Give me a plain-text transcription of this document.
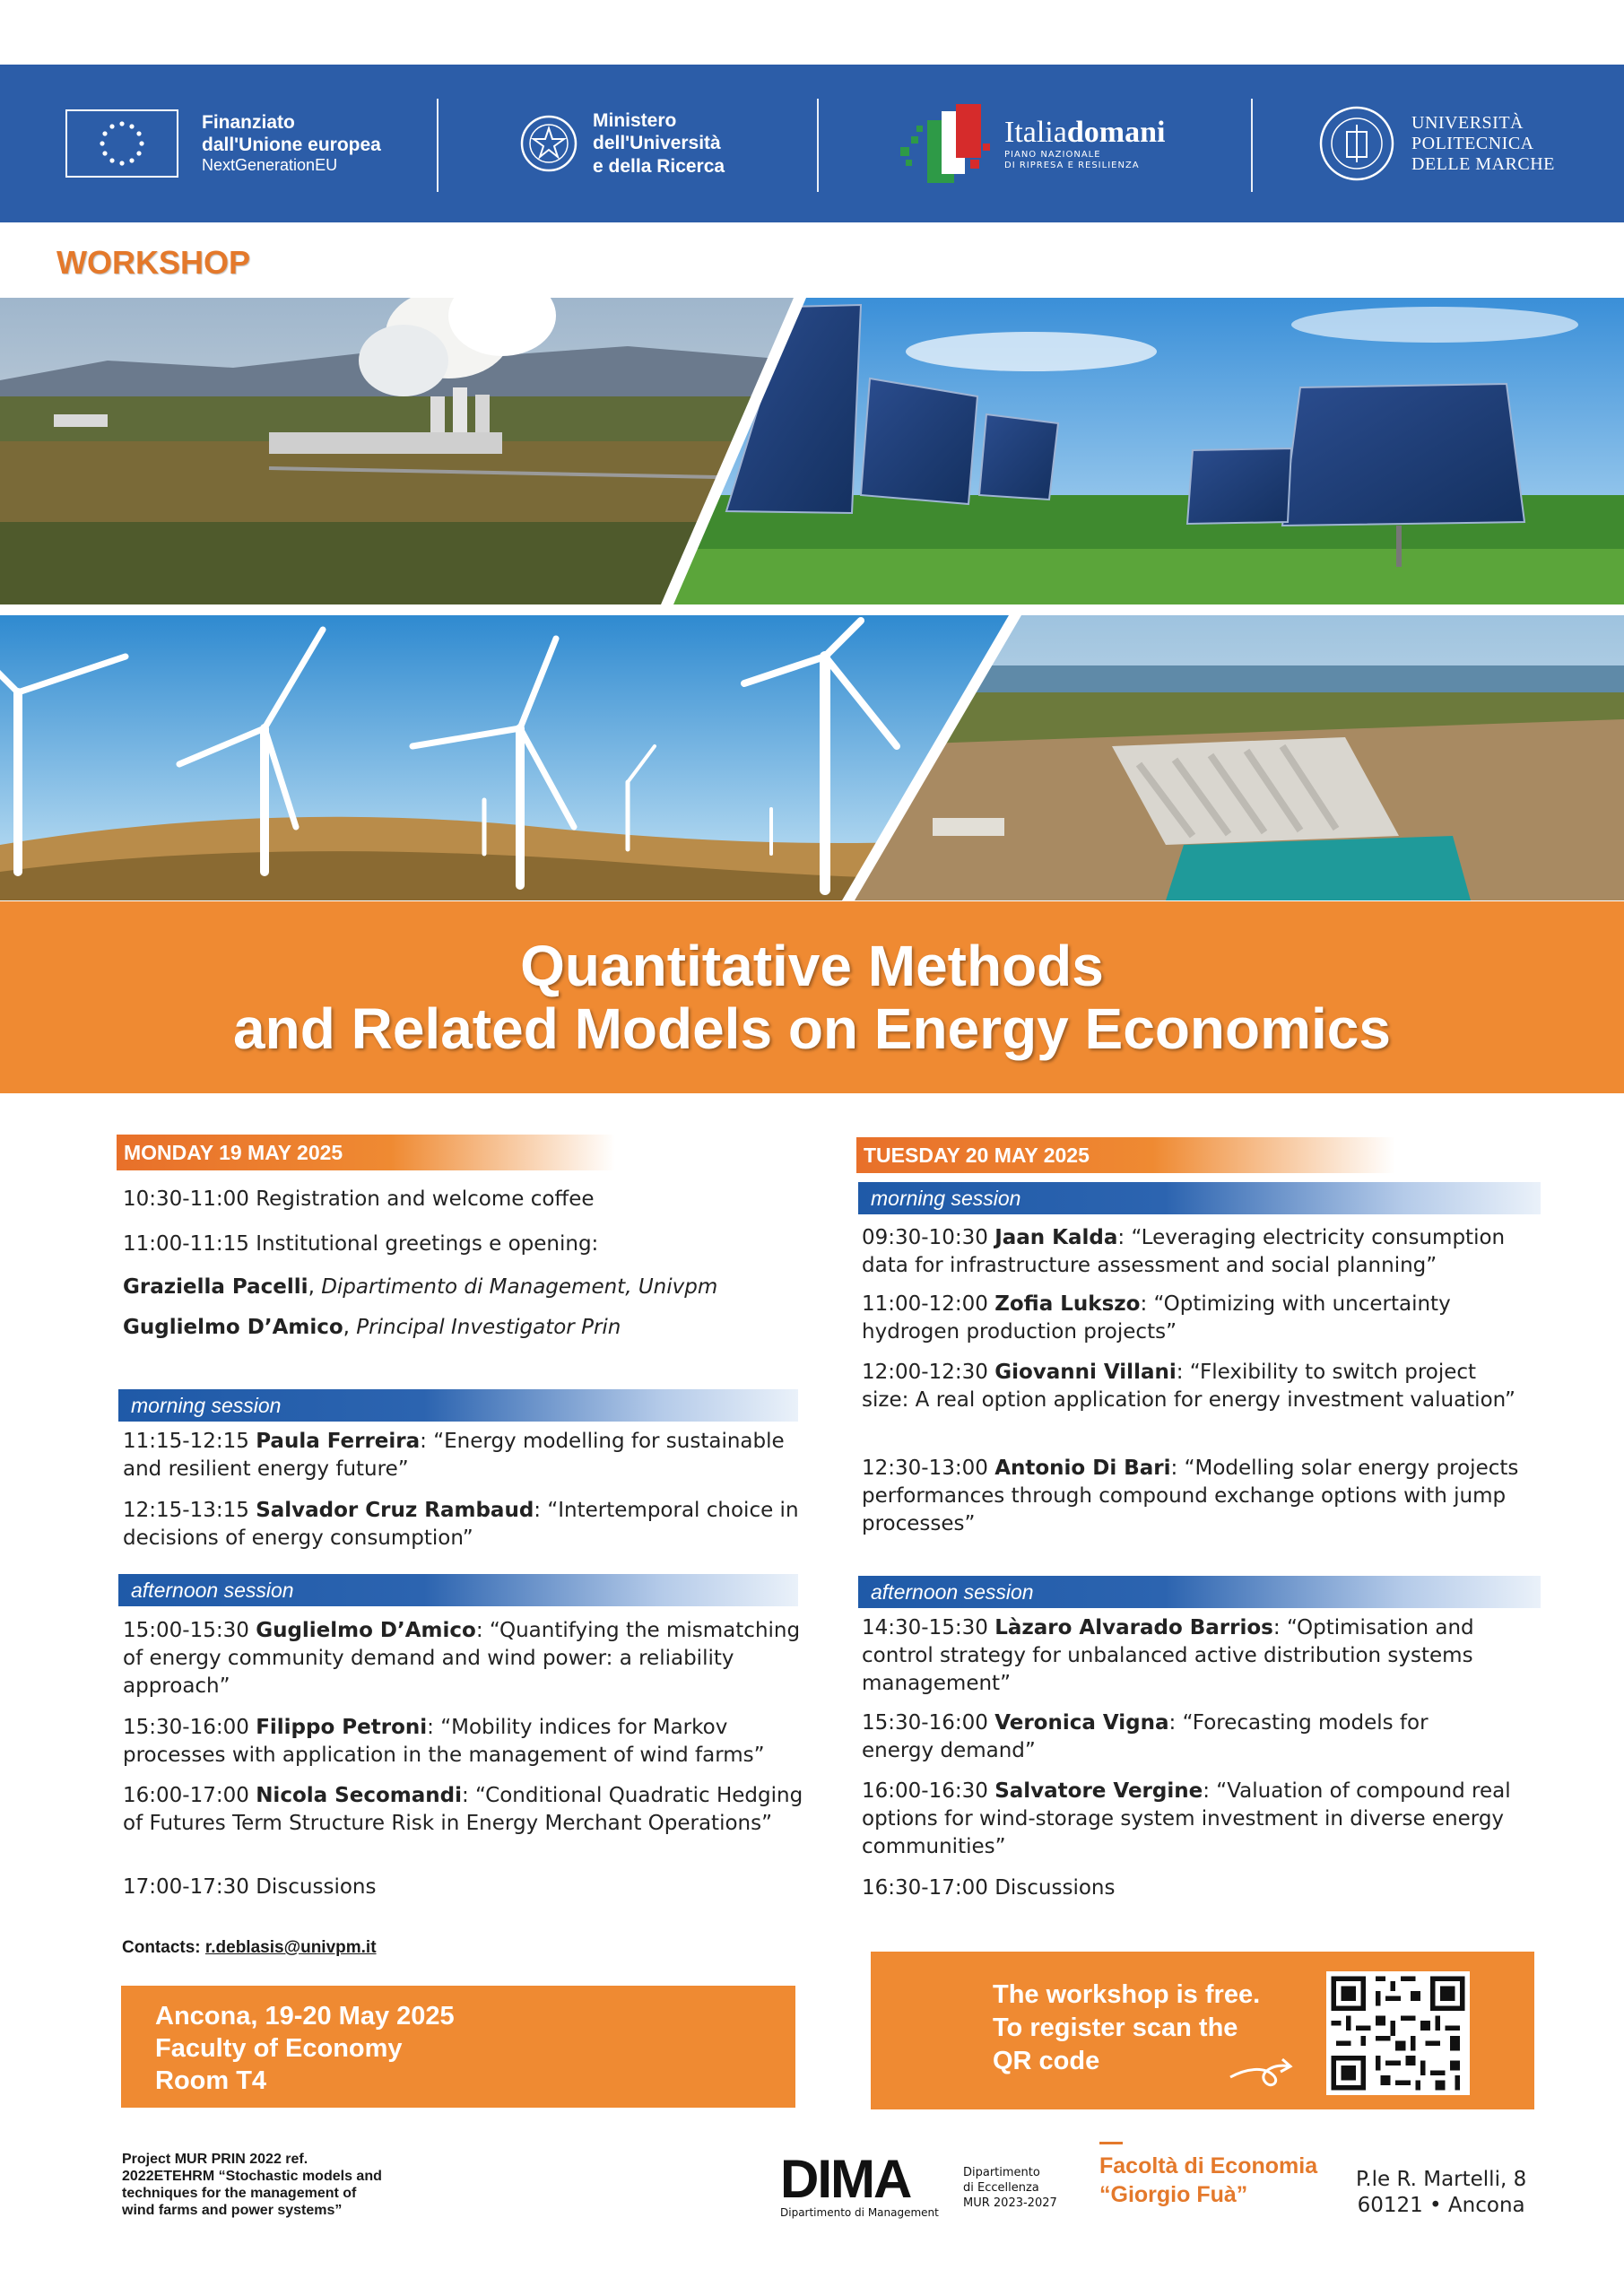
Finanziato
dall'Unione europea
NextGenerationEU
Ministero
dell'Università
e della Ricerca
Italiadomani
PIANO NAZIONALE
DI RIPRESA E RESILIENZA
UNIVERSITÀ
POLITECNICA
DELLE MARCHE
WORKSHOP
Quantitative Methods
and Related Models on Energy Economics
MONDAY 19 MAY 2025
10:30-11:00 Registration and welcome coffee
11:00-11:15 Institutional greetings e opening:
Graziella Pacelli, Dipartimento di Management, Univpm
Guglielmo D’Amico, Principal Investigator Prin
morning session
11:15-12:15 Paula Ferreira: “Energy modelling for sustainable and resilient energy future”
12:15-13:15 Salvador Cruz Rambaud: “Intertemporal choice in decisions of energy consumption”
afternoon session
15:00-15:30 Guglielmo D’Amico: “Quantifying the mismatching of energy community demand and wind power: a reliability approach”
15:30-16:00 Filippo Petroni: “Mobility indices for Markov processes with application in the management of wind farms”
16:00-17:00 Nicola Secomandi: “Conditional Quadratic Hedging of Futures Term Structure Risk in Energy Merchant Operations”
17:00-17:30 Discussions
TUESDAY 20 MAY 2025
morning session
09:30-10:30 Jaan Kalda: “Leveraging electricity consumption data for infrastructure assessment and social planning”
11:00-12:00 Zofia Lukszo: “Optimizing with uncertainty hydrogen production projects”
12:00-12:30 Giovanni Villani: “Flexibility to switch project size: A real option application for energy investment valuation”
12:30-13:00 Antonio Di Bari: “Modelling solar energy projects performances through compound exchange options with jump processes”
afternoon session
14:30-15:30 Làzaro Alvarado Barrios: “Optimisation and control strategy for unbalanced active distribution systems management”
15:30-16:00 Veronica Vigna: “Forecasting models for energy demand”
16:00-16:30 Salvatore Vergine: “Valuation of compound real options for wind-storage system investment in diverse energy communities”
16:30-17:00 Discussions
Contacts: r.deblasis@univpm.it
Ancona, 19-20 May 2025
Faculty of Economy
Room T4
The workshop is free.
To register scan the
QR code
Project MUR PRIN 2022 ref.
2022ETEHRM “Stochastic models and
techniques for the management of
wind farms and power systems”
DIMA
Dipartimento di Management
Dipartimento
di Eccellenza
MUR 2023-2027
Facoltà di Economia
“Giorgio Fuà”
P.le R. Martelli, 8
60121 • Ancona
